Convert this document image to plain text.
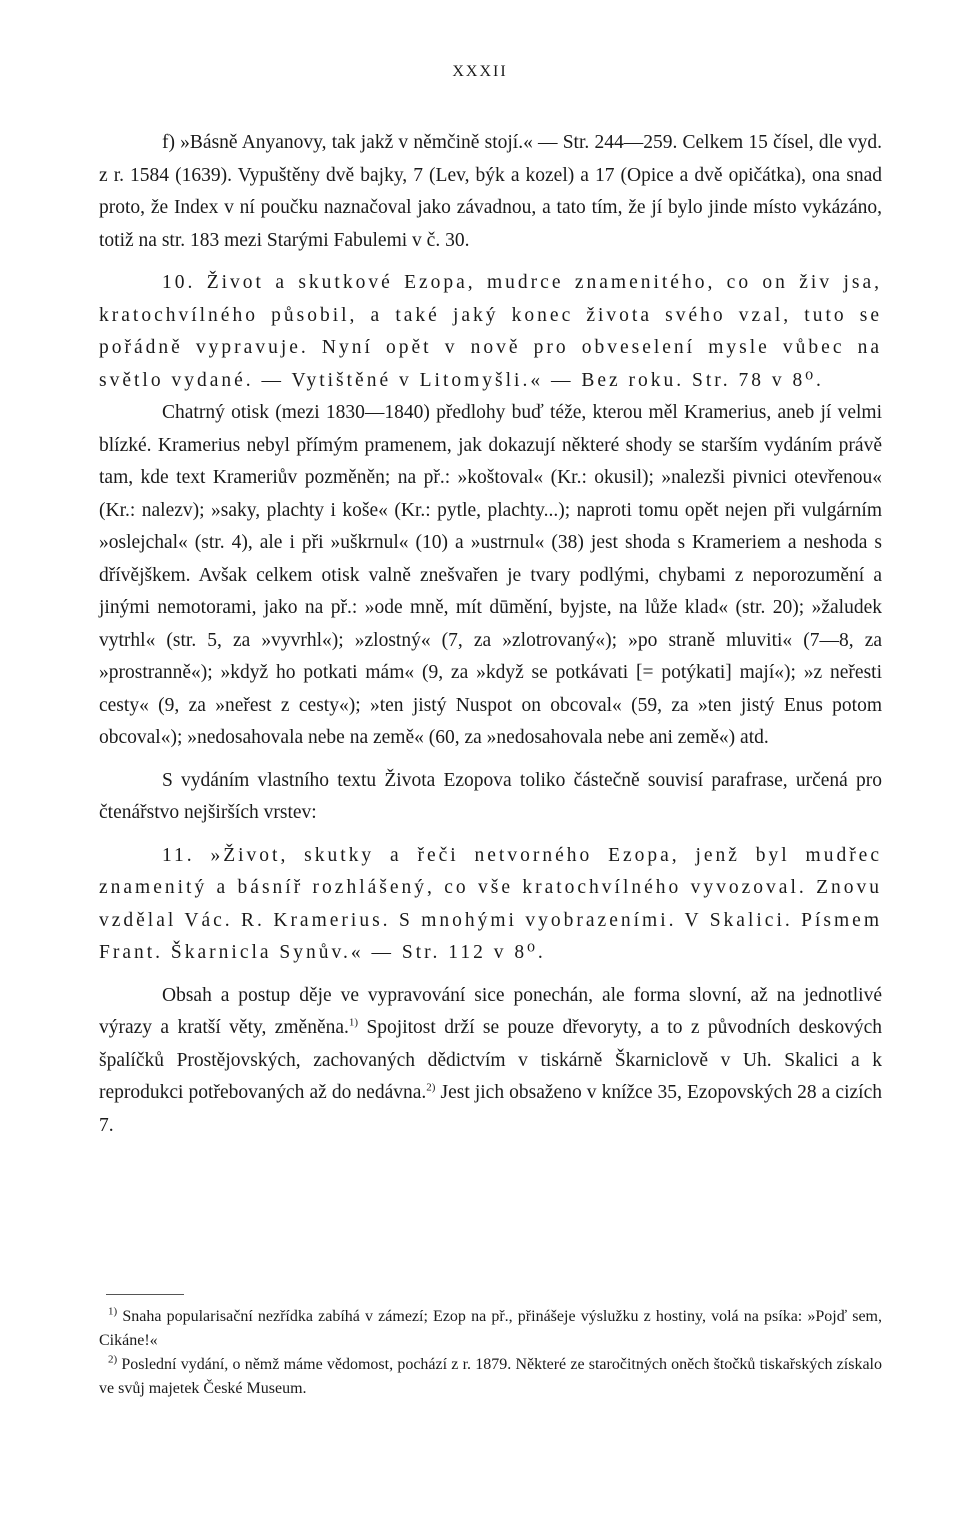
XXXII

f) »Básně Anyanovy, tak jakž v němčině stojí.« — Str. 244—259. Celkem 15 čísel, dle vyd. z r. 1584 (1639). Vypuštěny dvě bajky, 7 (Lev, býk a kozel) a 17 (Opice a dvě opičátka), ona snad proto, že Index v ní poučku naznačoval jako závadnou, a tato tím, že jí bylo jinde místo vykázáno, totiž na str. 183 mezi Starými Fabulemi v č. 30.

10. Život a skutkové Ezopa, mudrce znamenitého, co on živ jsa, kratochvílného působil, a také jaký konec života svého vzal, tuto se pořádně vypravuje. Nyní opět v nově pro obveselení mysle vůbec na světlo vydané. — Vytištěné v Litomyšli.« — Bez roku. Str. 78 v 8⁰.

Chatrný otisk (mezi 1830—1840) předlohy buď téže, kterou měl Kramerius, aneb jí velmi blízké. Kramerius nebyl přímým pramenem, jak dokazují některé shody se starším vydáním právě tam, kde text Krameriův pozměněn; na př.: »koštoval« (Kr.: okusil); »nalezši pivnici otevřenou« (Kr.: nalezv); »saky, plachty i koše« (Kr.: pytle, plachty...); naproti tomu opět nejen při vulgárním »oslejchal« (str. 4), ale i při »uškrnul« (10) a »ustrnul« (38) jest shoda s Krameriem a neshoda s dřívějškem. Avšak celkem otisk valně znešvařen je tvary podlými, chybami z neporozumění a jinými nemotorami, jako na př.: »ode mně, mít dūmění, byjste, na lůže klad« (str. 20); »žaludek vytrhl« (str. 5, za »vyvrhl«); »zlostný« (7, za »zlotrovaný«); »po straně mluviti« (7—8, za »prostranně«); »když ho potkati mám« (9, za »když se potkávati [= potýkati] mají«); »z neřesti cesty« (9, za »neřest z cesty«); »ten jistý Nuspot on obcoval« (59, za »ten jistý Enus potom obcoval«); »nedosahovala nebe na země« (60, za »nedosahovala nebe ani země«) atd.

S vydáním vlastního textu Života Ezopova toliko částečně souvisí parafrase, určená pro čtenářstvo nejširších vrstev:

11. »Život, skutky a řeči netvorného Ezopa, jenž byl mudřec znamenitý a básníř rozhlášený, co vše kratochvílného vyvozoval. Znovu vzdělal Vác. R. Kramerius. S mnohými vyobrazeními. V Skalici. Písmem Frant. Škarnicla Synův.« — Str. 112 v 8⁰.

Obsah a postup děje ve vypravování sice ponechán, ale forma slovní, až na jednotlivé výrazy a kratší věty, změněna.$^{1)}$ Spojitost drží se pouze dřevoryty, a to z původních deskových špalíčků Prostějovských, zachovaných dědictvím v tiskárně Škarniclově v Uh. Skalici a k reprodukci potřebovaných až do nedávna.$^{2)}$ Jest jich obsaženo v knížce 35, Ezopovských 28 a cizích 7.

$^{1)}$ Snaha popularisační nezřídka zabíhá v zámezí; Ezop na př., přinášeje výslužku z hostiny, volá na psíka: »Pojď sem, Cikáne!«

$^{2)}$ Poslední vydání, o němž máme vědomost, pochází z r. 1879. Některé ze staročitných oněch štočků tiskařských získalo ve svůj majetek České Museum.
